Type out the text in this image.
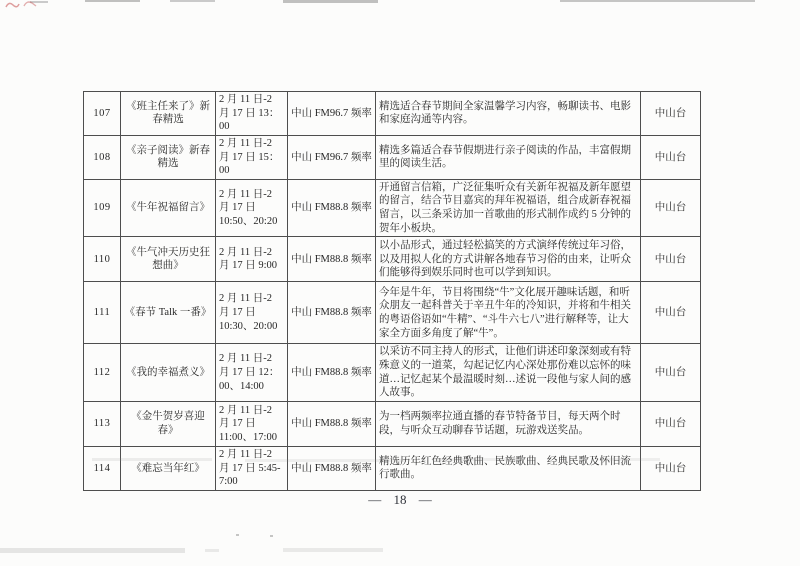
107	《班主任来了》新春精选	2 月 11 日-2 月 17 日 13：00	中山 FM96.7 频率	精选适合春节期间全家温馨学习内容，畅聊读书、电影和家庭沟通等内容。	中山台
108	《亲子阅读》新春精选	2 月 11 日-2 月 17 日 15：00	中山 FM96.7 频率	精选多篇适合春节假期进行亲子阅读的作品，丰富假期里的阅读生活。	中山台
109	《牛年祝福留言》	2 月 11 日-2 月 17 日 10:50、20:20	中山 FM88.8 频率	开通留言信箱，广泛征集听众有关新年祝福及新年愿望的留言，结合节目嘉宾的拜年祝福语，组合成新春祝福留言，以三条采访加一首歌曲的形式制作成约 5 分钟的贺年小板块。	中山台
110	《牛气冲天历史狂想曲》	2 月 11 日-2 月 17 日 9:00	中山 FM88.8 频率	以小品形式，通过轻松搞笑的方式演绎传统过年习俗，以及用拟人化的方式讲解各地春节习俗的由来，让听众们能够得到娱乐同时也可以学到知识。	中山台
111	《春节 Talk 一番》	2 月 11 日-2 月 17 日 10:30、20:00	中山 FM88.8 频率	今年是牛年，节目将围绕“牛”文化展开趣味话题，和听众朋友一起科普关于辛丑牛年的冷知识，并将和牛相关的粤语俗语如“牛精”、“斗牛六七八”进行解释等，让大家全方面多角度了解“牛”。	中山台
112	《我的幸福煮义》	2 月 11 日-2 月 17 日 12：00、14:00	中山 FM88.8 频率	以采访不同主持人的形式，让他们讲述印象深刻或有特殊意义的一道菜，勾起记忆内心深处那份难以忘怀的味道…记忆起某个最温暖时刻…述说一段他与家人间的感人故事。	中山台
113	《金牛贺岁喜迎春》	2 月 11 日-2 月 17 日 11:00、17:00	中山 FM88.8 频率	为一档两频率拉通直播的春节特备节目，每天两个时段，与听众互动聊春节话题，玩游戏送奖品。	中山台
114	《难忘当年红》	2 月 11 日-2 月 17 日 5:45-7:00	中山 FM88.8 频率	精选历年红色经典歌曲、民族歌曲、经典民歌及怀旧流行歌曲。	中山台
— 18 —
